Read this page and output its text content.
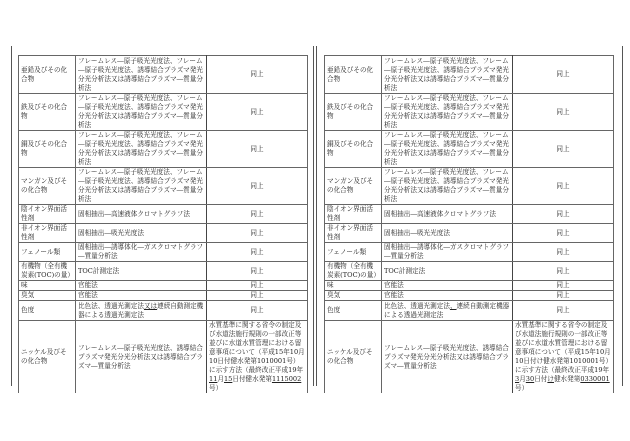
亜鉛及びその化合物	フレームレス―原子吸光光度法、フレーム―原子吸光光度法、誘導結合プラズマ発光分光分析法又は誘導結合プラズマ―質量分析法	同上
鉄及びその化合物	フレームレス―原子吸光光度法、フレーム―原子吸光光度法、誘導結合プラズマ発光分光分析法又は誘導結合プラズマ―質量分析法	同上
銅及びその化合物	フレームレス―原子吸光光度法、フレーム―原子吸光光度法、誘導結合プラズマ発光分光分析法又は誘導結合プラズマ―質量分析法	同上
マンガン及びその化合物	フレームレス―原子吸光光度法、フレーム―原子吸光光度法、誘導結合プラズマ発光分光分析法又は誘導結合プラズマ―質量分析法	同上
陰イオン界面活性剤	固相抽出―高速液体クロマトグラフ法	同上
非イオン界面活性剤	固相抽出―吸光光度法	同上
フェノール類	固相抽出―誘導体化―ガスクロマトグラフ―質量分析法	同上
有機物（全有機炭素(TOC)の量）	TOC計測定法	同上
味	官能法	同上
臭気	官能法	同上
色度	比色法、透過光測定法又は連続自動測定機器による透過光測定法	同上
ニッケル及びその化合物	フレームレス―原子吸光光度法、誘導結合プラズマ発光分光分析法又は誘導結合プラズマ―質量分析法	水質基準に関する省令の制定及び水道法施行規則の一部改正等並びに水道水質管理における留意事項について（平成15年10月10日付健水発第1010001号）に示す方法（最終改正平成19年11月15日付健水発第1115002号）
亜鉛及びその化合物	フレームレス―原子吸光光度法、フレーム―原子吸光光度法、誘導結合プラズマ発光分光分析法又は誘導結合プラズマ―質量分析法	同上
鉄及びその化合物	フレームレス―原子吸光光度法、フレーム―原子吸光光度法、誘導結合プラズマ発光分光分析法又は誘導結合プラズマ―質量分析法	同上
銅及びその化合物	フレームレス―原子吸光光度法、フレーム―原子吸光光度法、誘導結合プラズマ発光分光分析法又は誘導結合プラズマ―質量分析法	同上
マンガン及びその化合物	フレームレス―原子吸光光度法、フレーム―原子吸光光度法、誘導結合プラズマ発光分光分析法又は誘導結合プラズマ―質量分析法	同上
陰イオン界面活性剤	固相抽出―高速液体クロマトグラフ法	同上
非イオン界面活性剤	固相抽出―吸光光度法	同上
フェノール類	固相抽出―誘導体化―ガスクロマトグラフ―質量分析法	同上
有機物（全有機炭素(TOC)の量）	TOC計測定法	同上
味	官能法	同上
臭気	官能法	同上
色度	比色法、透過光測定法、連続自動測定機器による透過光測定法	同上
ニッケル及びその化合物	フレームレス―原子吸光光度法、誘導結合プラズマ発光分光分析法又は誘導結合プラズマ―質量分析法	水質基準に関する省令の制定及び水道法施行規則の一部改正等並びに水道水質管理における留意事項について（平成15年10月10日付け健水発第1010001号）に示す方法（最終改正平成19年3月30日付け健水発第0330001号）
